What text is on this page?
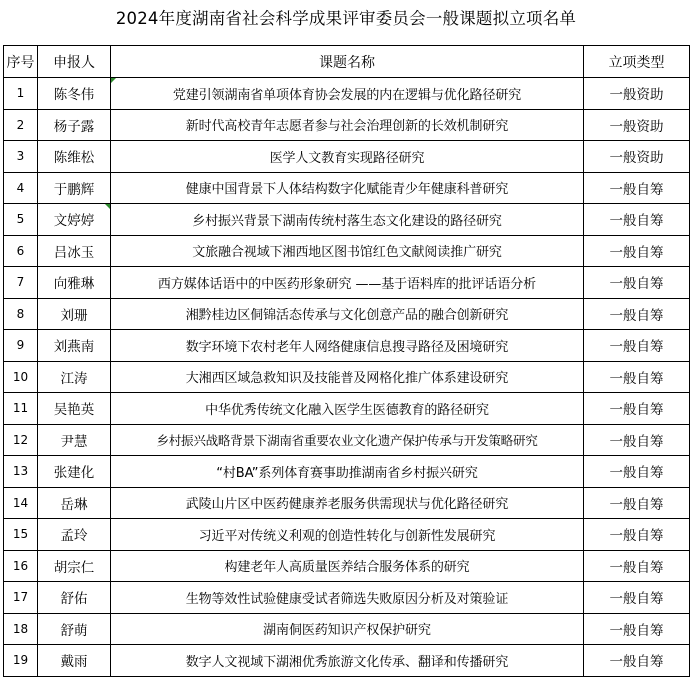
2024年度湖南省社会科学成果评审委员会一般课题拟立项名单
序号	申报人	课题名称	立项类型
1	陈冬伟	党建引领湖南省单项体育协会发展的内在逻辑与优化路径研究	一般资助
2	杨子露	新时代高校青年志愿者参与社会治理创新的长效机制研究	一般资助
3	陈维松	医学人文教育实现路径研究	一般资助
4	于鹏辉	健康中国背景下人体结构数字化赋能青少年健康科普研究	一般自筹
5	文婷婷	乡村振兴背景下湖南传统村落生态文化建设的路径研究	一般自筹
6	吕冰玉	文旅融合视域下湘西地区图书馆红色文献阅读推广研究	一般自筹
7	向雅琳	西方媒体话语中的中医药形象研究 ——基于语料库的批评话语分析	一般自筹
8	刘珊	湘黔桂边区侗锦活态传承与文化创意产品的融合创新研究	一般自筹
9	刘燕南	数字环境下农村老年人网络健康信息搜寻路径及困境研究	一般自筹
10	江涛	大湘西区域急救知识及技能普及网格化推广体系建设研究	一般自筹
11	吴艳英	中华优秀传统文化融入医学生医德教育的路径研究	一般自筹
12	尹慧	乡村振兴战略背景下湖南省重要农业文化遗产保护传承与开发策略研究	一般自筹
13	张建化	“村BA”系列体育赛事助推湖南省乡村振兴研究	一般自筹
14	岳琳	武陵山片区中医药健康养老服务供需现状与优化路径研究	一般自筹
15	孟玲	习近平对传统义利观的创造性转化与创新性发展研究	一般自筹
16	胡宗仁	构建老年人高质量医养结合服务体系的研究	一般自筹
17	舒佑	生物等效性试验健康受试者筛选失败原因分析及对策验证	一般自筹
18	舒萌	湖南侗医药知识产权保护研究	一般自筹
19	戴雨	数字人文视域下湖湘优秀旅游文化传承、翻译和传播研究	一般自筹
